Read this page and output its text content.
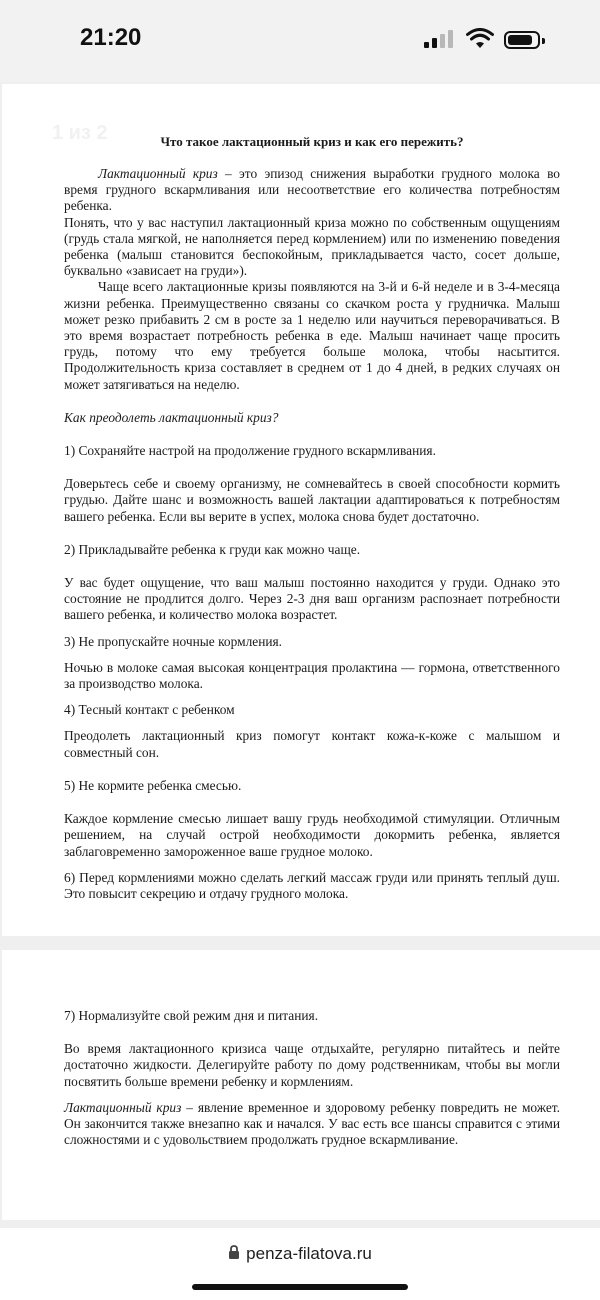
21:20
1 из 2	Что такое лактационный криз и как его пережить?

Лактационный криз – это эпизод снижения выработки грудного молока во время грудного вскармливания или несоответствие его количества потребностям ребенка.

Понять, что у вас наступил лактационный криза можно по собственным ощущениям (грудь стала мягкой, не наполняется перед кормлением) или по изменению поведения ребенка (малыш становится беспокойным, прикладывается часто, сосет дольше, буквально «зависает на груди»).

Чаще всего лактационные кризы появляются на 3-й и 6-й неделе и в 3-4-месяца жизни ребенка. Преимущественно связаны со скачком роста у грудничка. Малыш может резко прибавить 2 см в росте за 1 неделю или научиться переворачиваться. В это время возрастает потребность ребенка в еде. Малыш начинает чаще просить грудь, потому что ему требуется больше молока, чтобы насытится. Продолжительность криза составляет в среднем от 1 до 4 дней, в редких случаях он может затягиваться на неделю.

Как преодолеть лактационный криз?

1) Сохраняйте настрой на продолжение грудного вскармливания.

Доверьтесь себе и своему организму, не сомневайтесь в своей способности кормить грудью. Дайте шанс и возможность вашей лактации адаптироваться к потребностям вашего ребенка. Если вы верите в успех, молока снова будет достаточно.

2) Прикладывайте ребенка к груди как можно чаще.

У вас будет ощущение, что ваш малыш постоянно находится у груди. Однако это состояние не продлится долго. Через 2-3 дня ваш организм распознает потребности вашего ребенка, и количество молока возрастет.

3) Не пропускайте ночные кормления.

Ночью в молоке самая высокая концентрация пролактина — гормона, ответственного за производство молока.

4) Тесный контакт с ребенком

Преодолеть лактационный криз помогут контакт кожа-к-коже с малышом и совместный сон.

5) Не кормите ребенка смесью.

Каждое кормление смесью лишает вашу грудь необходимой стимуляции. Отличным решением, на случай острой необходимости докормить ребенка, является заблаговременно замороженное ваше грудное молоко.

6) Перед кормлениями можно сделать легкий массаж груди или принять теплый душ. Это повысит секрецию и отдачу грудного молока.

7) Нормализуйте свой режим дня и питания.

Во время лактационного кризиса чаще отдыхайте, регулярно питайтесь и пейте достаточно жидкости. Делегируйте работу по дому родственникам, чтобы вы могли посвятить больше времени ребенку и кормлениям.

Лактационный криз – явление временное и здоровому ребенку повредить не может. Он закончится также внезапно как и начался. У вас есть все шансы справится с этими сложностями и с удовольствием продолжать грудное вскармливание.

penza-filatova.ru
